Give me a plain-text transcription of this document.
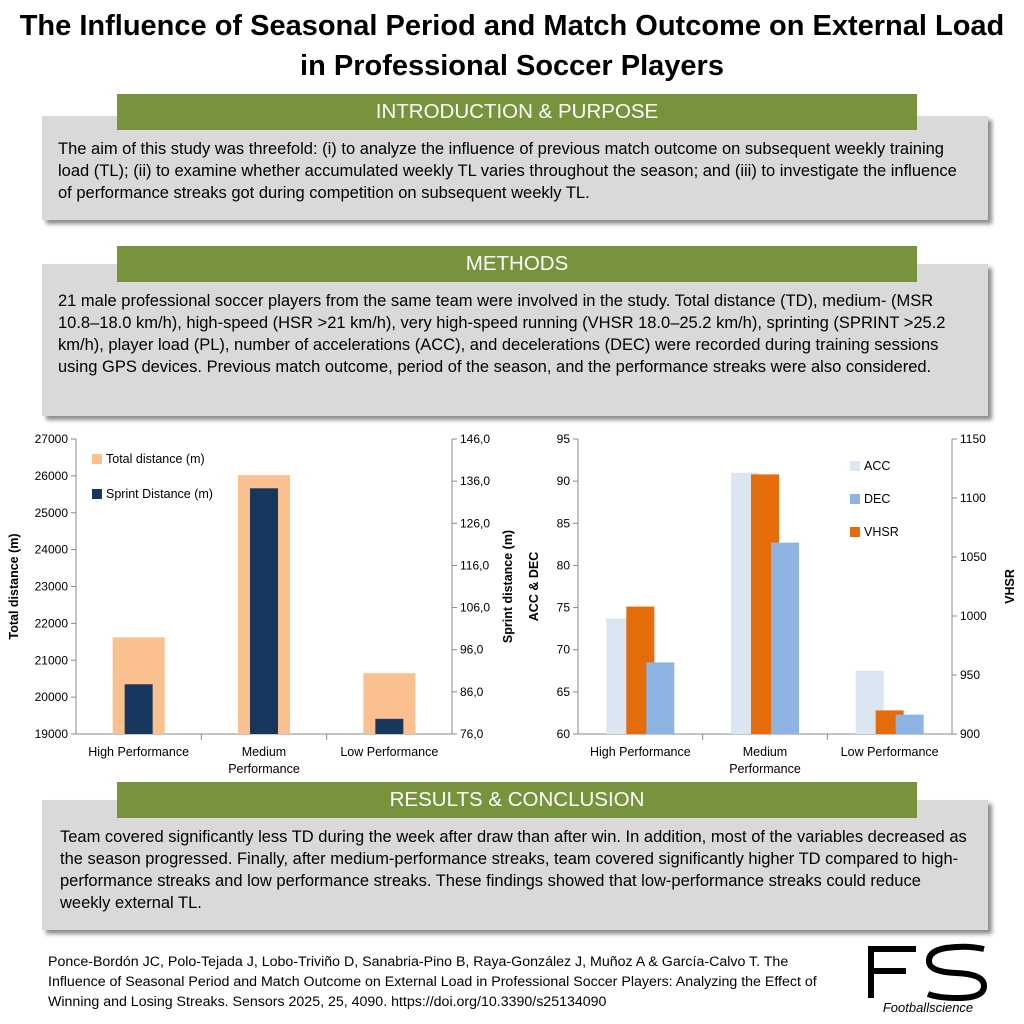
The Influence of Seasonal Period and Match Outcome on External Load
in Professional Soccer Players

The aim of this study was threefold: (i) to analyze the influence of previous match outcome on subsequent weekly training load (TL); (ii) to examine whether accumulated weekly TL varies throughout the season; and (iii) to investigate the influence of performance streaks got during competition on subsequent weekly TL.

INTRODUCTION & PURPOSE

21 male professional soccer players from the same team were involved in the study. Total distance (TD), medium- (MSR 10.8–18.0 km/h), high-speed (HSR >21 km/h), very high-speed running (VHSR 18.0–25.2 km/h), sprinting (SPRINT >25.2 km/h), player load (PL), number of accelerations (ACC), and decelerations (DEC) were recorded during training sessions using GPS devices. Previous match outcome, period of the season, and the performance streaks were also considered.

METHODS
19000
20000
21000
22000
23000
24000
25000
26000
27000
76,0
86,0
96,0
106,0
116,0
126,0
136,0
146,0
High Performance	Medium
Performance
Low Performance
Total distance (m)	Sprint distance (m)
Total distance (m)
Sprint Distance (m)
60
65
70
75
80
85
90
95
900
950
1000
1050
1100
1150
High Performance	Medium
Performance
Low Performance
ACC & DEC	VHSR
ACC
DEC
VHSR

Team covered significantly less TD during the week after draw than after win. In addition, most of the variables decreased as the season progressed. Finally, after medium-performance streaks, team covered significantly higher TD compared to high-performance streaks and low performance streaks. These findings showed that low-performance streaks could reduce weekly external TL.

RESULTS & CONCLUSION
Ponce-Bordón JC, Polo-Tejada J, Lobo-Triviño D, Sanabria-Pino B, Raya-González J, Muñoz A & García-Calvo T. The Influence of Seasonal Period and Match Outcome on External Load in Professional Soccer Players: Analyzing the Effect of Winning and Losing Streaks. Sensors 2025, 25, 4090. https://doi.org/10.3390/s25134090	Footballscience
